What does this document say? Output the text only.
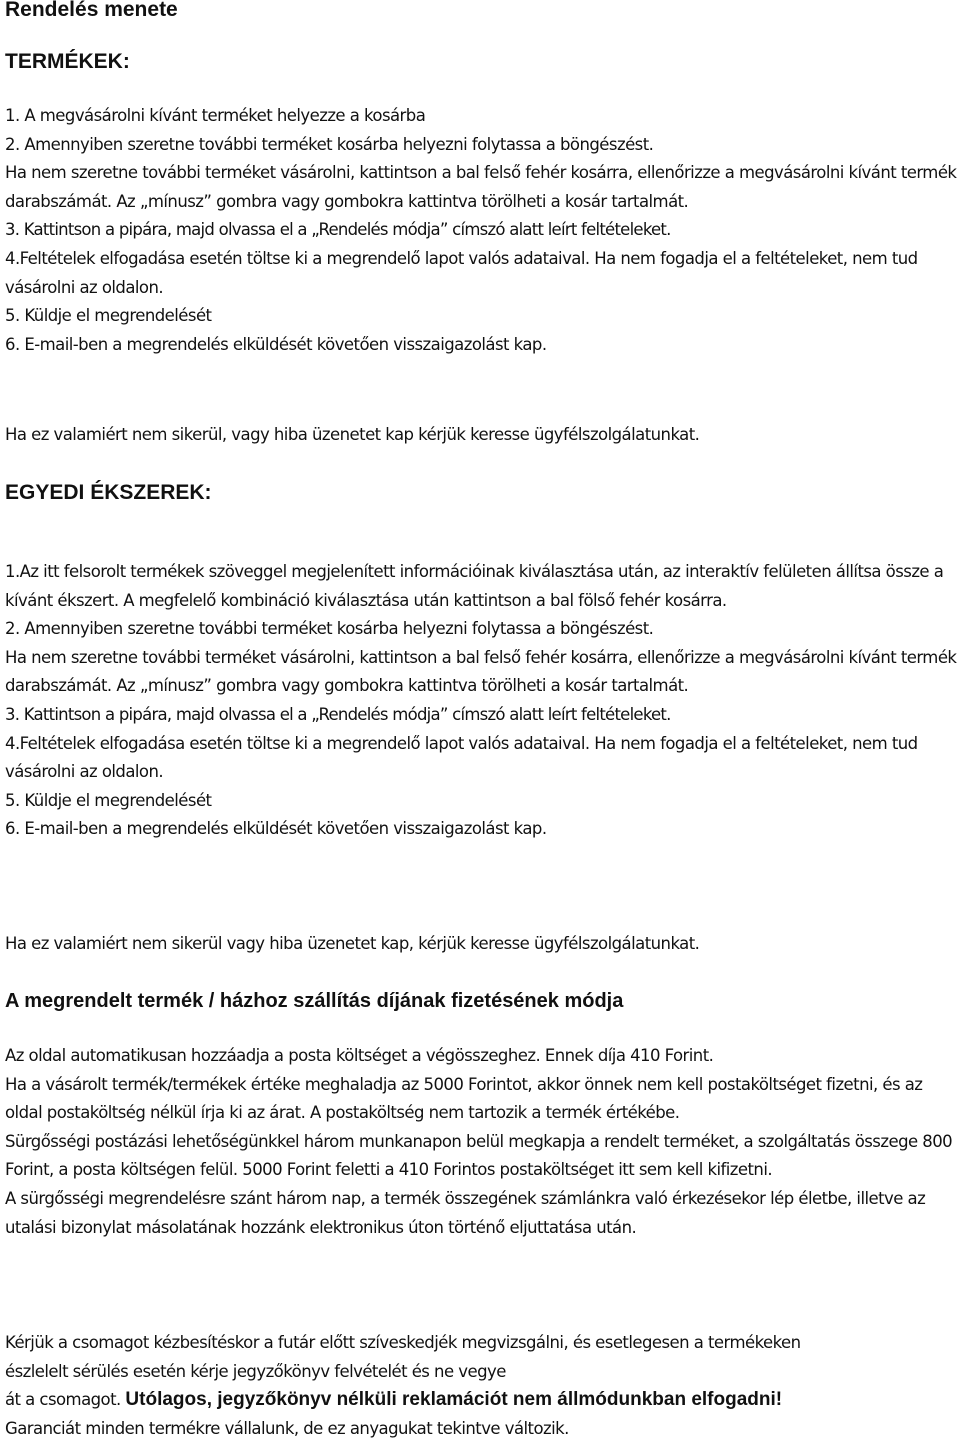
Rendelés menete
TERMÉKEK:

1. A megvásárolni kívánt terméket helyezze a kosárba

2. Amennyiben szeretne további terméket kosárba helyezni folytassa a böngészést.

Ha nem szeretne további terméket vásárolni, kattintson a bal felső fehér kosárra, ellenőrizze a megvásárolni kívánt termék darabszámát. Az „mínusz” gombra vagy gombokra kattintva törölheti a kosár tartalmát.

3. Kattintson a pipára, majd olvassa el a „Rendelés módja” címszó alatt leírt feltételeket.

4.Feltételek elfogadása esetén töltse ki a megrendelő lapot valós adataival. Ha nem fogadja el a feltételeket, nem tud vásárolni az oldalon.

5. Küldje el megrendelését

6. E-mail-ben a megrendelés elküldését követően visszaigazolást kap.

Ha ez valamiért nem sikerül, vagy hiba üzenetet kap kérjük keresse ügyfélszolgálatunkat.

EGYEDI ÉKSZEREK:

1.Az itt felsorolt termékek szöveggel megjelenített információinak kiválasztása után, az interaktív felületen állítsa össze a kívánt ékszert. A megfelelő kombináció kiválasztása után kattintson a bal fölső fehér kosárra.

2. Amennyiben szeretne további terméket kosárba helyezni folytassa a böngészést.

Ha nem szeretne további terméket vásárolni, kattintson a bal felső fehér kosárra, ellenőrizze a megvásárolni kívánt termék darabszámát. Az „mínusz” gombra vagy gombokra kattintva törölheti a kosár tartalmát.

3. Kattintson a pipára, majd olvassa el a „Rendelés módja” címszó alatt leírt feltételeket.

4.Feltételek elfogadása esetén töltse ki a megrendelő lapot valós adataival. Ha nem fogadja el a feltételeket, nem tud vásárolni az oldalon.

5. Küldje el megrendelését

6. E-mail-ben a megrendelés elküldését követően visszaigazolást kap.

Ha ez valamiért nem sikerül vagy hiba üzenetet kap, kérjük keresse ügyfélszolgálatunkat.

A megrendelt termék / házhoz szállítás díjának fizetésének módja

Az oldal automatikusan hozzáadja a posta költséget a végösszeghez. Ennek díja 410 Forint.

Ha a vásárolt termék/termékek értéke meghaladja az 5000 Forintot, akkor önnek nem kell postaköltséget fizetni, és az oldal postaköltség nélkül írja ki az árat. A postaköltség nem tartozik a termék értékébe.

Sürgősségi postázási lehetőségünkkel három munkanapon belül megkapja a rendelt terméket, a szolgáltatás összege 800 Forint, a posta költségen felül. 5000 Forint feletti a 410 Forintos postaköltséget itt sem kell kifizetni.

A sürgősségi megrendelésre szánt három nap, a termék összegének számlánkra való érkezésekor lép életbe, illetve az utalási bizonylat másolatának hozzánk elektronikus úton történő eljuttatása után.

Kérjük a csomagot kézbesítéskor a futár előtt szíveskedjék megvizsgálni, és esetlegesen a termékeken észlelelt sérülés esetén kérje jegyzőkönyv felvételét és ne vegye

át a csomagot. Utólagos, jegyzőkönyv nélküli reklamációt nem állmódunkban elfogadni!

Garanciát minden termékre vállalunk, de ez anyagukat tekintve változik.
